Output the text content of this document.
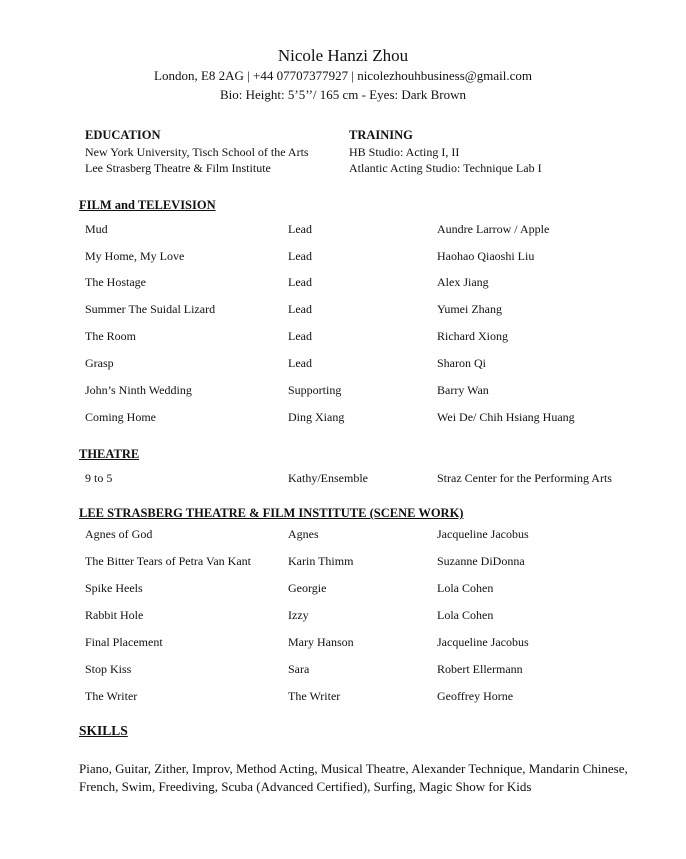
Nicole Hanzi Zhou
London, E8 2AG | +44 07707377927 | nicolezhouhbusiness@gmail.com
Bio: Height: 5’5’’/ 165 cm - Eyes: Dark Brown
EDUCATION
New York University, Tisch School of the Arts
Lee Strasberg Theatre & Film Institute
TRAINING
HB Studio: Acting I, II
Atlantic Acting Studio: Technique Lab I
FILM and TELEVISION
Mud	Lead	Aundre Larrow / Apple
My Home, My Love	Lead	Haohao Qiaoshi Liu
The Hostage	Lead	Alex Jiang
Summer The Suidal Lizard	Lead	Yumei Zhang
The Room	Lead	Richard Xiong
Grasp	Lead	Sharon Qi
John’s Ninth Wedding	Supporting	Barry Wan
Coming Home	Ding Xiang	Wei De/ Chih Hsiang Huang
THEATRE
9 to 5	Kathy/Ensemble	Straz Center for the Performing Arts
LEE STRASBERG THEATRE & FILM INSTITUTE (SCENE WORK)
Agnes of God	Agnes	Jacqueline Jacobus
The Bitter Tears of Petra Van Kant	Karin Thimm	Suzanne DiDonna
Spike Heels	Georgie	Lola Cohen
Rabbit Hole	Izzy	Lola Cohen
Final Placement	Mary Hanson	Jacqueline Jacobus
Stop Kiss	Sara	Robert Ellermann
The Writer	The Writer	Geoffrey Horne
SKILLS
Piano, Guitar, Zither, Improv, Method Acting, Musical Theatre, Alexander Technique, Mandarin Chinese, French, Swim, Freediving, Scuba (Advanced Certified), Surfing, Magic Show for Kids
